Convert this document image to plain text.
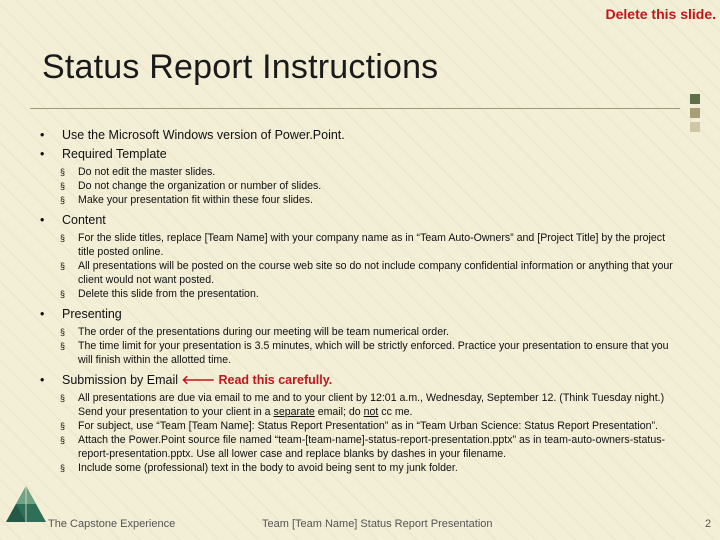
Delete this slide.
Status Report Instructions

• Use the Microsoft Windows version of Power.Point.

• Required Template

§ Do not edit the master slides.

§ Do not change the organization or number of slides.

§ Make your presentation fit within these four slides.

• Content

§ For the slide titles, replace [Team Name] with your company name as in “Team Auto-Owners” and [Project Title] by the project title posted online.

§ All presentations will be posted on the course web site so do not include company confidential information or anything that your client would not want posted.

§ Delete this slide from the presentation.

• Presenting

§ The order of the presentations during our meeting will be team numerical order.

§ The time limit for your presentation is 3.5 minutes, which will be strictly enforced. Practice your presentation to ensure that you will finish within the allotted time.

• Submission by Email 🡐 Read this carefully.

§ All presentations are due via email to me and to your client by 12:01 a.m., Wednesday, September 12. (Think Tuesday night.) Send your presentation to your client in a separate email; do not cc me.

§ For subject, use “Team [Team Name]: Status Report Presentation” as in “Team Urban Science: Status Report Presentation”.

§ Attach the Power.Point source file named “team-[team-name]-status-report-presentation.pptx” as in team-auto-owners-status-report-presentation.pptx. Use all lower case and replace blanks by dashes in your filename.

§ Include some (professional) text in the body to avoid being sent to my junk folder.

The Capstone Experience	Team [Team Name] Status Report Presentation	2
